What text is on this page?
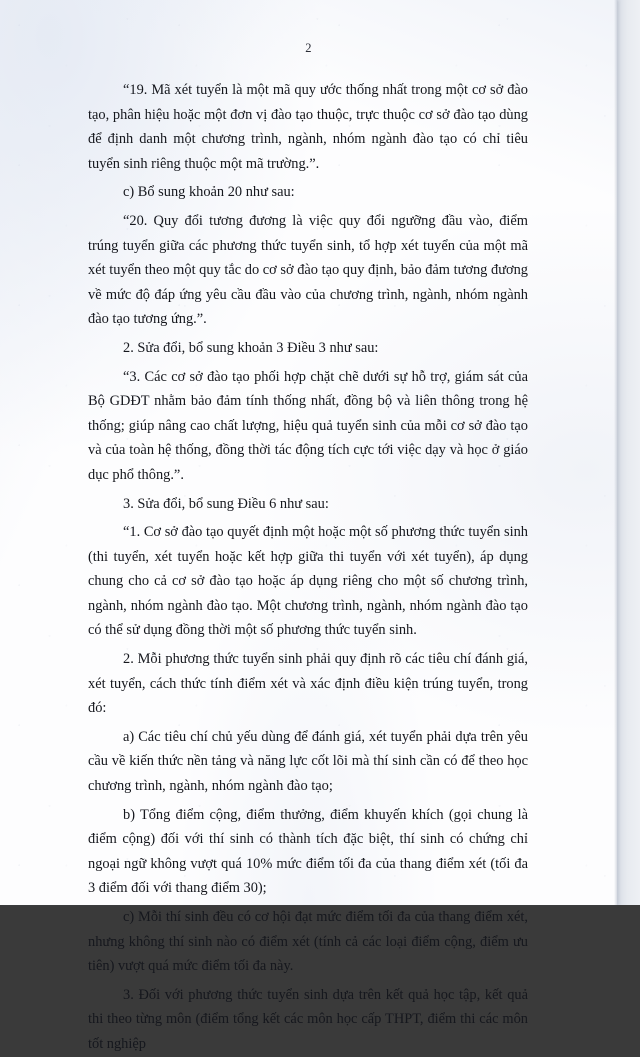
2

“19. Mã xét tuyển là một mã quy ước thống nhất trong một cơ sở đào tạo, phân hiệu hoặc một đơn vị đào tạo thuộc, trực thuộc cơ sở đào tạo dùng để định danh một chương trình, ngành, nhóm ngành đào tạo có chỉ tiêu tuyển sinh riêng thuộc một mã trường.”.

c) Bổ sung khoản 20 như sau:

“20. Quy đổi tương đương là việc quy đổi ngưỡng đầu vào, điểm trúng tuyển giữa các phương thức tuyển sinh, tổ hợp xét tuyển của một mã xét tuyển theo một quy tắc do cơ sở đào tạo quy định, bảo đảm tương đương về mức độ đáp ứng yêu cầu đầu vào của chương trình, ngành, nhóm ngành đào tạo tương ứng.”.

2. Sửa đổi, bổ sung khoản 3 Điều 3 như sau:

“3. Các cơ sở đào tạo phối hợp chặt chẽ dưới sự hỗ trợ, giám sát của Bộ GDĐT nhằm bảo đảm tính thống nhất, đồng bộ và liên thông trong hệ thống; giúp nâng cao chất lượng, hiệu quả tuyển sinh của mỗi cơ sở đào tạo và của toàn hệ thống, đồng thời tác động tích cực tới việc dạy và học ở giáo dục phổ thông.”.

3. Sửa đổi, bổ sung Điều 6 như sau:

“1. Cơ sở đào tạo quyết định một hoặc một số phương thức tuyển sinh (thi tuyển, xét tuyển hoặc kết hợp giữa thi tuyển với xét tuyển), áp dụng chung cho cả cơ sở đào tạo hoặc áp dụng riêng cho một số chương trình, ngành, nhóm ngành đào tạo. Một chương trình, ngành, nhóm ngành đào tạo có thể sử dụng đồng thời một số phương thức tuyển sinh.

2. Mỗi phương thức tuyển sinh phải quy định rõ các tiêu chí đánh giá, xét tuyển, cách thức tính điểm xét và xác định điều kiện trúng tuyển, trong đó:

a) Các tiêu chí chủ yếu dùng để đánh giá, xét tuyển phải dựa trên yêu cầu về kiến thức nền tảng và năng lực cốt lõi mà thí sinh cần có để theo học chương trình, ngành, nhóm ngành đào tạo;

b) Tổng điểm cộng, điểm thưởng, điểm khuyến khích (gọi chung là điểm cộng) đối với thí sinh có thành tích đặc biệt, thí sinh có chứng chỉ ngoại ngữ không vượt quá 10% mức điểm tối đa của thang điểm xét (tối đa 3 điểm đối với thang điểm 30);

c) Mỗi thí sinh đều có cơ hội đạt mức điểm tối đa của thang điểm xét, nhưng không thí sinh nào có điểm xét (tính cả các loại điểm cộng, điểm ưu tiên) vượt quá mức điểm tối đa này.

3. Đối với phương thức tuyển sinh dựa trên kết quả học tập, kết quả thi theo từng môn (điểm tổng kết các môn học cấp THPT, điểm thi các môn tốt nghiệp
